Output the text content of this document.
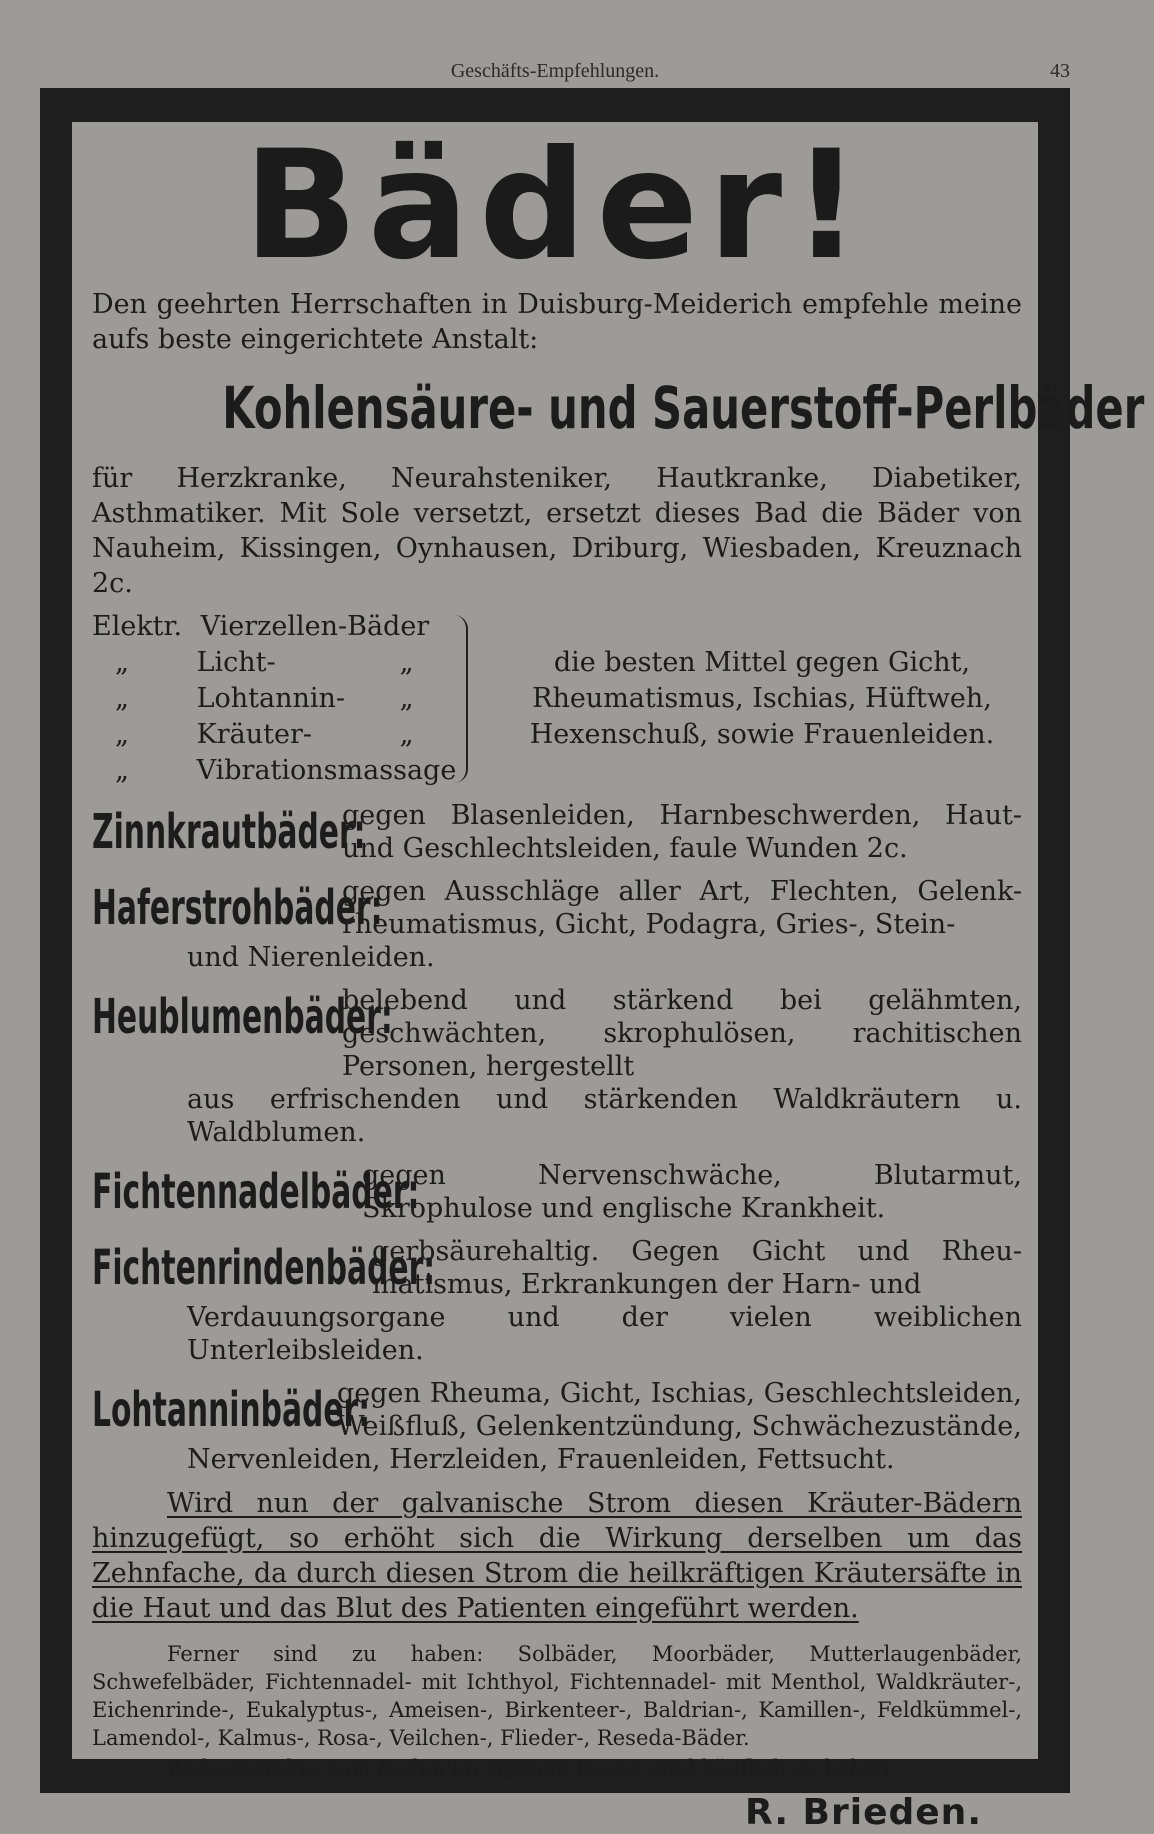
Geschäfts-Empfehlungen.	43
Bäder!
Den geehrten Herrschaften in Duisburg-Meiderich empfehle meine aufs beste eingerichtete Anstalt:
Kohlensäure- und Sauerstoff-Perlbäder
für Herzkranke, Neurahsteniker, Hautkranke, Diabetiker, Asthmatiker. Mit Sole versetzt, ersetzt dieses Bad die Bäder von Nauheim, Kissingen, Oynhausen, Driburg, Wiesbaden, Kreuznach 2c.
Elektr. Vierzellen-Bäder
„	Licht-	„
„	Lohtannin- „
„	Kräuter-	„
„	Vibrationsmassage
die besten Mittel gegen Gicht,
Rheumatismus, Ischias, Hüftweh,
Hexenschuß, sowie Frauenleiden.
Zinnkrautbäder:
gegen Blasenleiden, Harnbeschwerden, Haut- und Geschlechtsleiden, faule Wunden 2c.
Haferstrohbäder:
gegen Ausschläge aller Art, Flechten, Gelenk-rheumatismus, Gicht, Podagra, Gries-, Stein-
und Nierenleiden.
Heublumenbäder:
belebend und stärkend bei gelähmten, geschwächten, skrophulösen, rachitischen Personen, hergestellt
aus erfrischenden und stärkenden Waldkräutern u. Waldblumen.
Fichtennadelbäder:
gegen Nervenschwäche, Blutarmut, Skrophulose und englische Krankheit.
Fichtenrindenbäder:
gerbsäurehaltig. Gegen Gicht und Rheu-matismus, Erkrankungen der Harn- und
Verdauungsorgane und der vielen weiblichen Unterleibsleiden.
Lohtanninbäder:
gegen Rheuma, Gicht, Ischias, Geschlechtsleiden, Weißfluß, Gelenkentzündung, Schwächezustände,
Nervenleiden, Herzleiden, Frauenleiden, Fettsucht.
Wird nun der galvanische Strom diesen Kräuter-Bädern hinzugefügt, so erhöht sich die Wirkung derselben um das Zehnfache, da durch diesen Strom die heilkräftigen Kräutersäfte in die Haut und das Blut des Patienten eingeführt werden.
Ferner sind zu haben: Solbäder, Moorbäder, Mutterlaugenbäder, Schwefelbäder, Fichtennadel- mit Ichthyol, Fichtennadel- mit Menthol, Waldkräuter-, Eichenrinde-, Eukalyptus-, Ameisen-, Birkenteer-, Baldrian-, Kamillen-, Feldkümmel-, Lamendol-, Kalmus-, Rosa-, Veilchen-, Flieder-, Reseda-Bäder.
Bade-Extrakte zum Baden im eigenen Hause sind käuflich zu haben.
R. Brieden.
